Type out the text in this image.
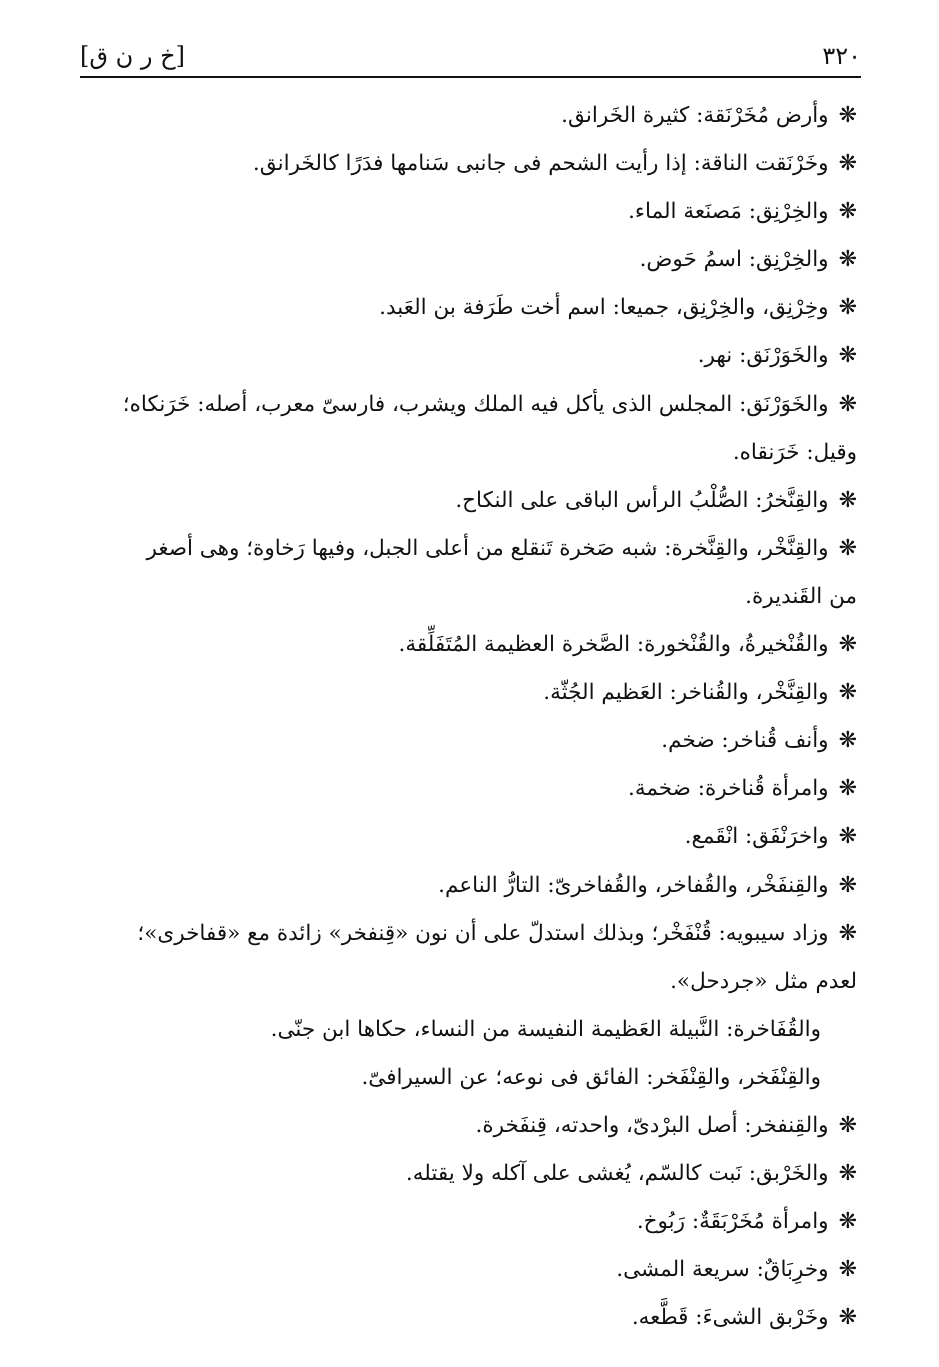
[خ ر ن ق]	٣٢٠
❋وأرض مُخَرْنَقة: كثيرة الخَرانق.
❋وخَرْنَقت الناقة: إذا رأيت الشحم فى جانبى سَنامها فدَرًا كالخَرانق.
❋والخِرْنِق: مَصنَعة الماء.
❋والخِرْنِق: اسمُ حَوض.
❋وخِرْنِق، والخِرْنِق، جميعا: اسم أخت طَرَفة بن العَبد.
❋والخَوَرْنَق: نهر.
❋والخَوَرْنَق: المجلس الذى يأكل فيه الملك ويشرب، فارسىّ معرب، أصله: خَرَنكاه؛
وقيل: خَرَنقاه.
❋والقِنَّخرُ: الصُّلْبُ الرأس الباقى على النكاح.
❋والقِنَّخْر، والقِنَّخرة: شبه صَخرة تَنقلع من أعلى الجبل، وفيها رَخاوة؛ وهى أصغر
من القَنديرة.
❋والقُنْخيرةُ، والقُنْخورة: الصَّخرة العظيمة المُتَفَلِّقة.
❋والقِنَّخْر، والقُناخر: العَظيم الجُثّة.
❋وأنف قُناخر: ضخم.
❋وامرأة قُناخرة: ضخمة.
❋واخرَنْفَق: انْقَمع.
❋والقِنفَخْر، والقُفاخر، والقُفاخرىّ: التارُّ الناعم.
❋وزاد سيبويه: قُنْفَخْر؛ وبذلك استدلّ على أن نون «قِنفخر» زائدة مع «قفاخرى»؛
لعدم مثل «جردحل».
والقُفَاخرة: النَّبيلة العَظيمة النفيسة من النساء، حكاها ابن جنّى.
والقِنْفَخر، والقِنْفَخر: الفائق فى نوعه؛ عن السيرافىّ.
❋والقِنفخر: أصل البرْدىّ، واحدته، قِنفَخرة.
❋والخَرْبق: نَبت كالسّم، يُغشى على آكله ولا يقتله.
❋وامرأة مُخَرْبَقَةٌ: رَبُوخ.
❋وخرِبَاقٌ: سريعة المشى.
❋وخَرْبق الشىءَ: قَطَّعه.
